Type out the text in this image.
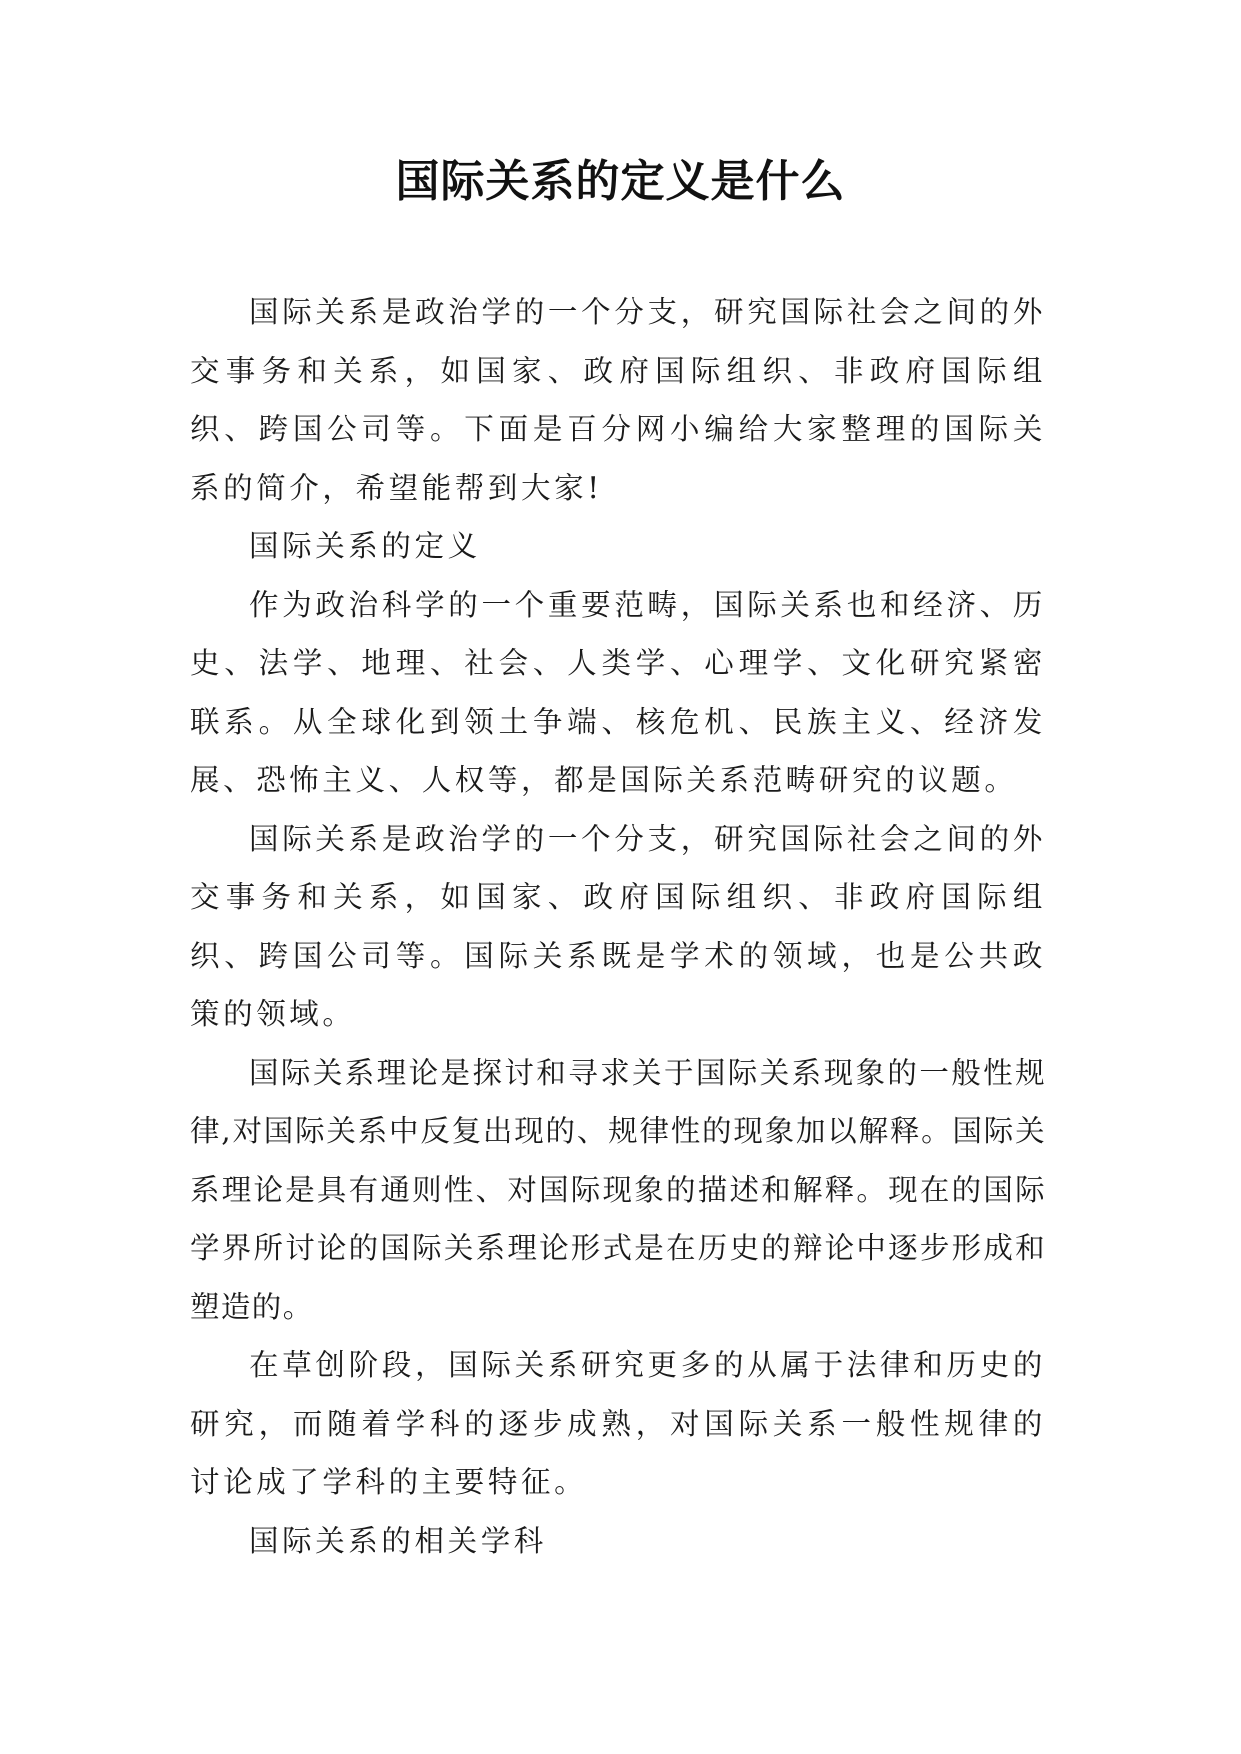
国际关系的定义是什么

国际关系是政治学的一个分支，研究国际社会之间的外交事务和关系，如国家、政府国际组织、非政府国际组织、跨国公司等。下面是百分网小编给大家整理的国际关系的简介，希望能帮到大家!

国际关系的定义

作为政治科学的一个重要范畴，国际关系也和经济、历史、法学、地理、社会、人类学、心理学、文化研究紧密联系。从全球化到领土争端、核危机、民族主义、经济发展、恐怖主义、人权等，都是国际关系范畴研究的议题。

国际关系是政治学的一个分支，研究国际社会之间的外交事务和关系，如国家、政府国际组织、非政府国际组织、跨国公司等。国际关系既是学术的领域，也是公共政策的领域。

国际关系理论是探讨和寻求关于国际关系现象的一般性规律,对国际关系中反复出现的、规律性的现象加以解释。国际关系理论是具有通则性、对国际现象的描述和解释。现在的国际学界所讨论的国际关系理论形式是在历史的辩论中逐步形成和塑造的。

在草创阶段，国际关系研究更多的从属于法律和历史的研究，而随着学科的逐步成熟，对国际关系一般性规律的讨论成了学科的主要特征。

国际关系的相关学科
